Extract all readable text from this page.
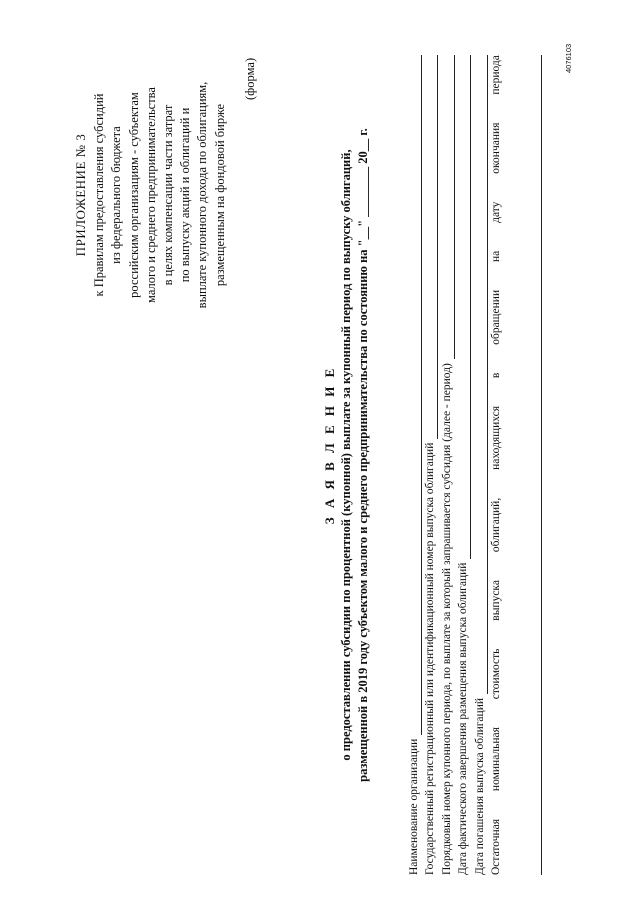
ПРИЛОЖЕНИЕ № 3 к Правилам предоставления субсидий из федерального бюджета российским организациям - субъектам малого и среднего предпринимательства в целях компенсации части затрат по выпуску акций и облигаций и выплате купонного дохода по облигациям, размещенным на фондовой бирже
(форма)
З А Я В Л Е Н И Е о предоставлении субсидии по процентной (купонной) выплате за купонный период по выпуску облигаций, размещенной в 2019 году субъектом малого и среднего предпринимательства по состоянию на "__" ________ 20__ г.
Наименование организации Государственный регистрационный или идентификационный номер выпуска облигаций Порядковый номер купонного периода, по выплате за который запрашивается субсидия (далее - период) Дата фактического завершения размещения выпуска облигаций Дата погашения выпуска облигаций Остаточная
номинальная
стоимость
выпуска
облигаций,
находящихся
в
обращении
на
дату
окончания
периода	4076103
